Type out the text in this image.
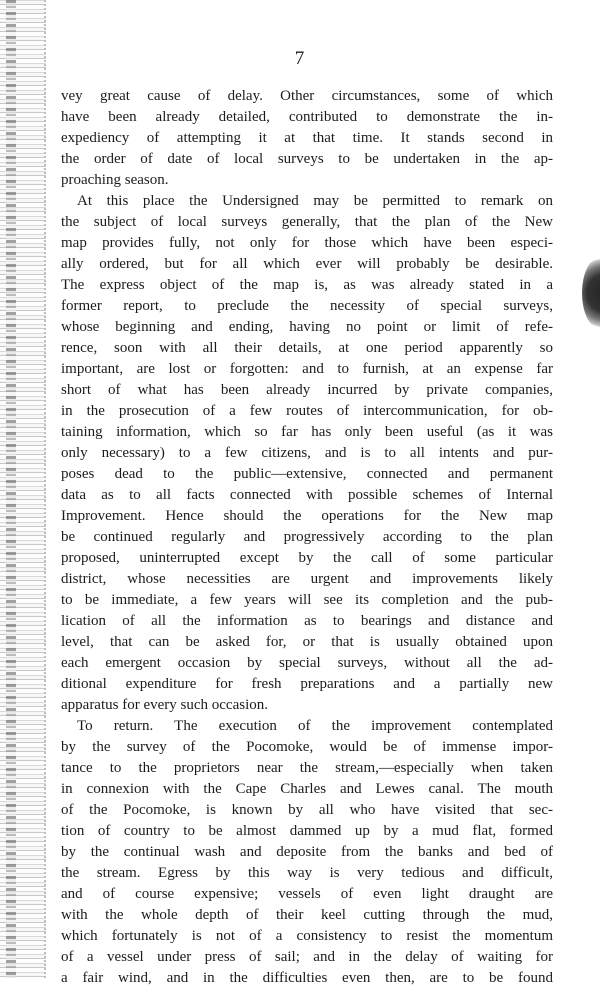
7
vey great cause of delay. Other circumstances, some of which
have been already detailed, contributed to demonstrate the in-
expediency of attempting it at that time. It stands second in
the order of date of local surveys to be undertaken in the ap-
proaching season.
At this place the Undersigned may be permitted to remark on
the subject of local surveys generally, that the plan of the New
map provides fully, not only for those which have been especi-
ally ordered, but for all which ever will probably be desirable.
The express object of the map is, as was already stated in a
former report, to preclude the necessity of special surveys,
whose beginning and ending, having no point or limit of refe-
rence, soon with all their details, at one period apparently so
important, are lost or forgotten: and to furnish, at an expense far
short of what has been already incurred by private companies,
in the prosecution of a few routes of intercommunication, for ob-
taining information, which so far has only been useful (as it was
only necessary) to a few citizens, and is to all intents and pur-
poses dead to the public—extensive, connected and permanent
data as to all facts connected with possible schemes of Internal
Improvement. Hence should the operations for the New map
be continued regularly and progressively according to the plan
proposed, uninterrupted except by the call of some particular
district, whose necessities are urgent and improvements likely
to be immediate, a few years will see its completion and the pub-
lication of all the information as to bearings and distance and
level, that can be asked for, or that is usually obtained upon
each emergent occasion by special surveys, without all the ad-
ditional expenditure for fresh preparations and a partially new
apparatus for every such occasion.
To return. The execution of the improvement contemplated
by the survey of the Pocomoke, would be of immense impor-
tance to the proprietors near the stream,—especially when taken
in connexion with the Cape Charles and Lewes canal. The mouth
of the Pocomoke, is known by all who have visited that sec-
tion of country to be almost dammed up by a mud flat, formed
by the continual wash and deposite from the banks and bed of
the stream. Egress by this way is very tedious and difficult,
and of course expensive; vessels of even light draught are
with the whole depth of their keel cutting through the mud,
which fortunately is not of a consistency to resist the momentum
of a vessel under press of sail; and in the delay of waiting for
a fair wind, and in the difficulties even then, are to be found
